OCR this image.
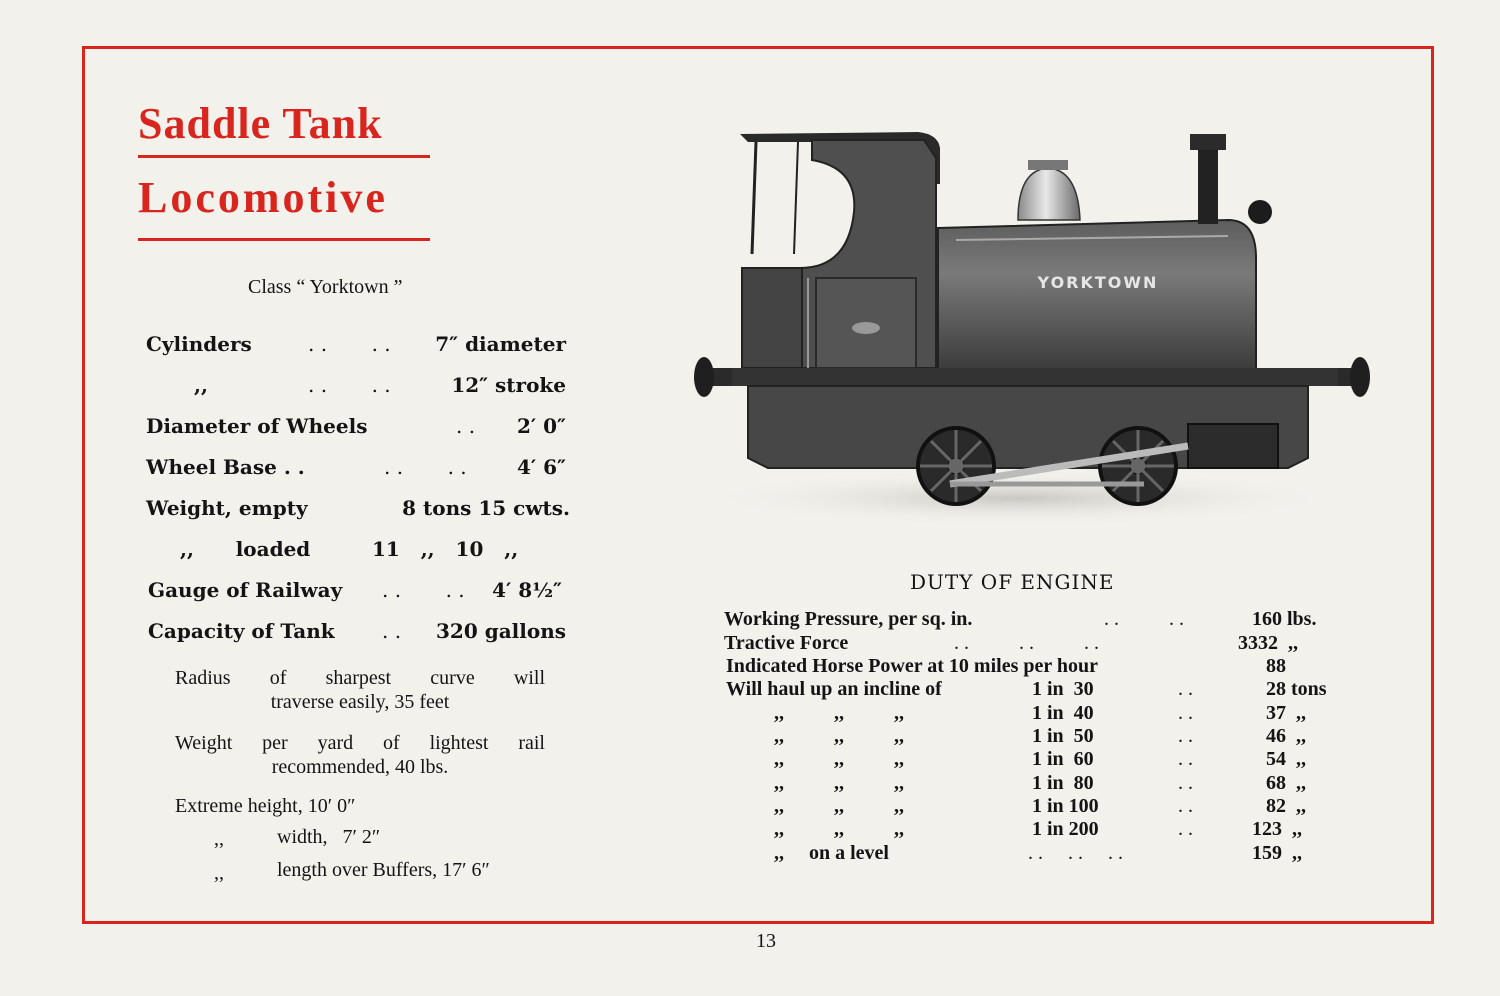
Saddle Tank
Locomotive
Class “ Yorktown ”
Cylinders	. .       . . 7″ diameter
,,	. .       . .	12″ stroke
Diameter of Wheels	. . 2′ 0″
Wheel Base . .	. .       . .	4′ 6″
Weight, empty	8 tons 15 cwts.
,,      loaded	11   ,,   10   ,,
Gauge of Railway . .       . . 4′ 8½″
Capacity of Tank . . 320 gallons
Radius of sharpest curve will
traverse easily, 35 feet
Weight per yard of lightest rail
recommended, 40 lbs.
Extreme height, 10′ 0″
,,	width,   7′ 2″
,,	length over Buffers, 17′ 6″
YORKTOWN
DUTY OF ENGINE
Working Pressure, per sq. in.	. .          . .	160 lbs.
Tractive Force	. .          . .          . .	3332  ,,
Indicated Horse Power at 10 miles per hour	88
Will haul up an incline of	1 in  30	. .	28 tons
,,          ,,          ,,	1 in  40	. .	37  ,,
,,          ,,          ,,	1 in  50	. .	46  ,,
,,          ,,          ,,	1 in  60	. .	54  ,,
,,          ,,          ,,	1 in  80	. .	68  ,,
,,          ,,          ,,	1 in 100	. .	82  ,,
,,          ,,          ,,	1 in 200	. .	123  ,,
,,     on a level	. .     . .     . .	159  ,,
13
